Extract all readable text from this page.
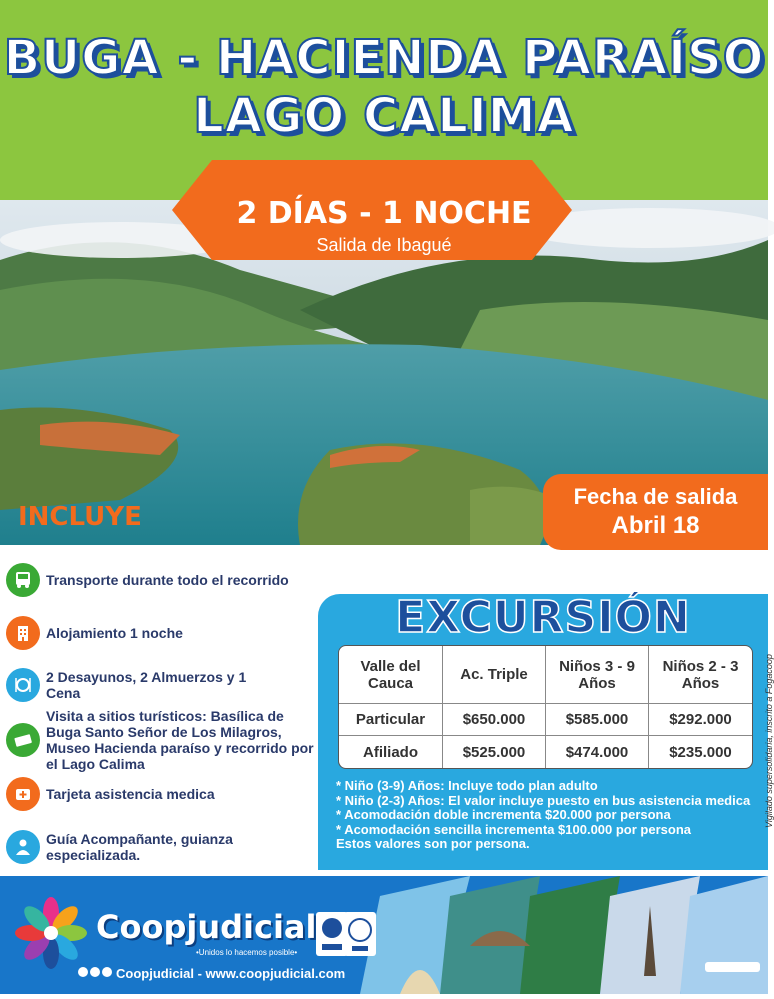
BUGA - HACIENDA PARAÍSO
LAGO CALIMA
2 DÍAS - 1 NOCHE
Salida de Ibagué
Fecha de salida
Abril 18
INCLUYE
Transporte durante todo el recorrido
Alojamiento 1 noche
2 Desayunos, 2 Almuerzos y 1 Cena
Visita a sitios turísticos: Basílica de Buga Santo Señor de Los Milagros, Museo Hacienda paraíso y recorrido por el Lago Calima
Tarjeta asistencia medica
Guía Acompañante, guianza especializada.
EXCURSIÓN
Valle del Cauca	Ac. Triple	Niños 3 - 9 Años	Niños 2 - 3 Años
Particular	$650.000	$585.000	$292.000
Afiliado	$525.000	$474.000	$235.000
* Niño (3-9) Años: Incluye todo plan adulto
* Niño (2-3) Años: El valor incluye puesto en bus asistencia medica
* Acomodación doble incrementa $20.000 por persona
* Acomodación sencilla incrementa $100.000 por persona
Estos valores son por persona.
Vigilado supersolidaria, inscrito a Fogacoop
Coopjudicial
•Unidos lo hacemos posible•
Coopjudicial - www.coopjudicial.com
